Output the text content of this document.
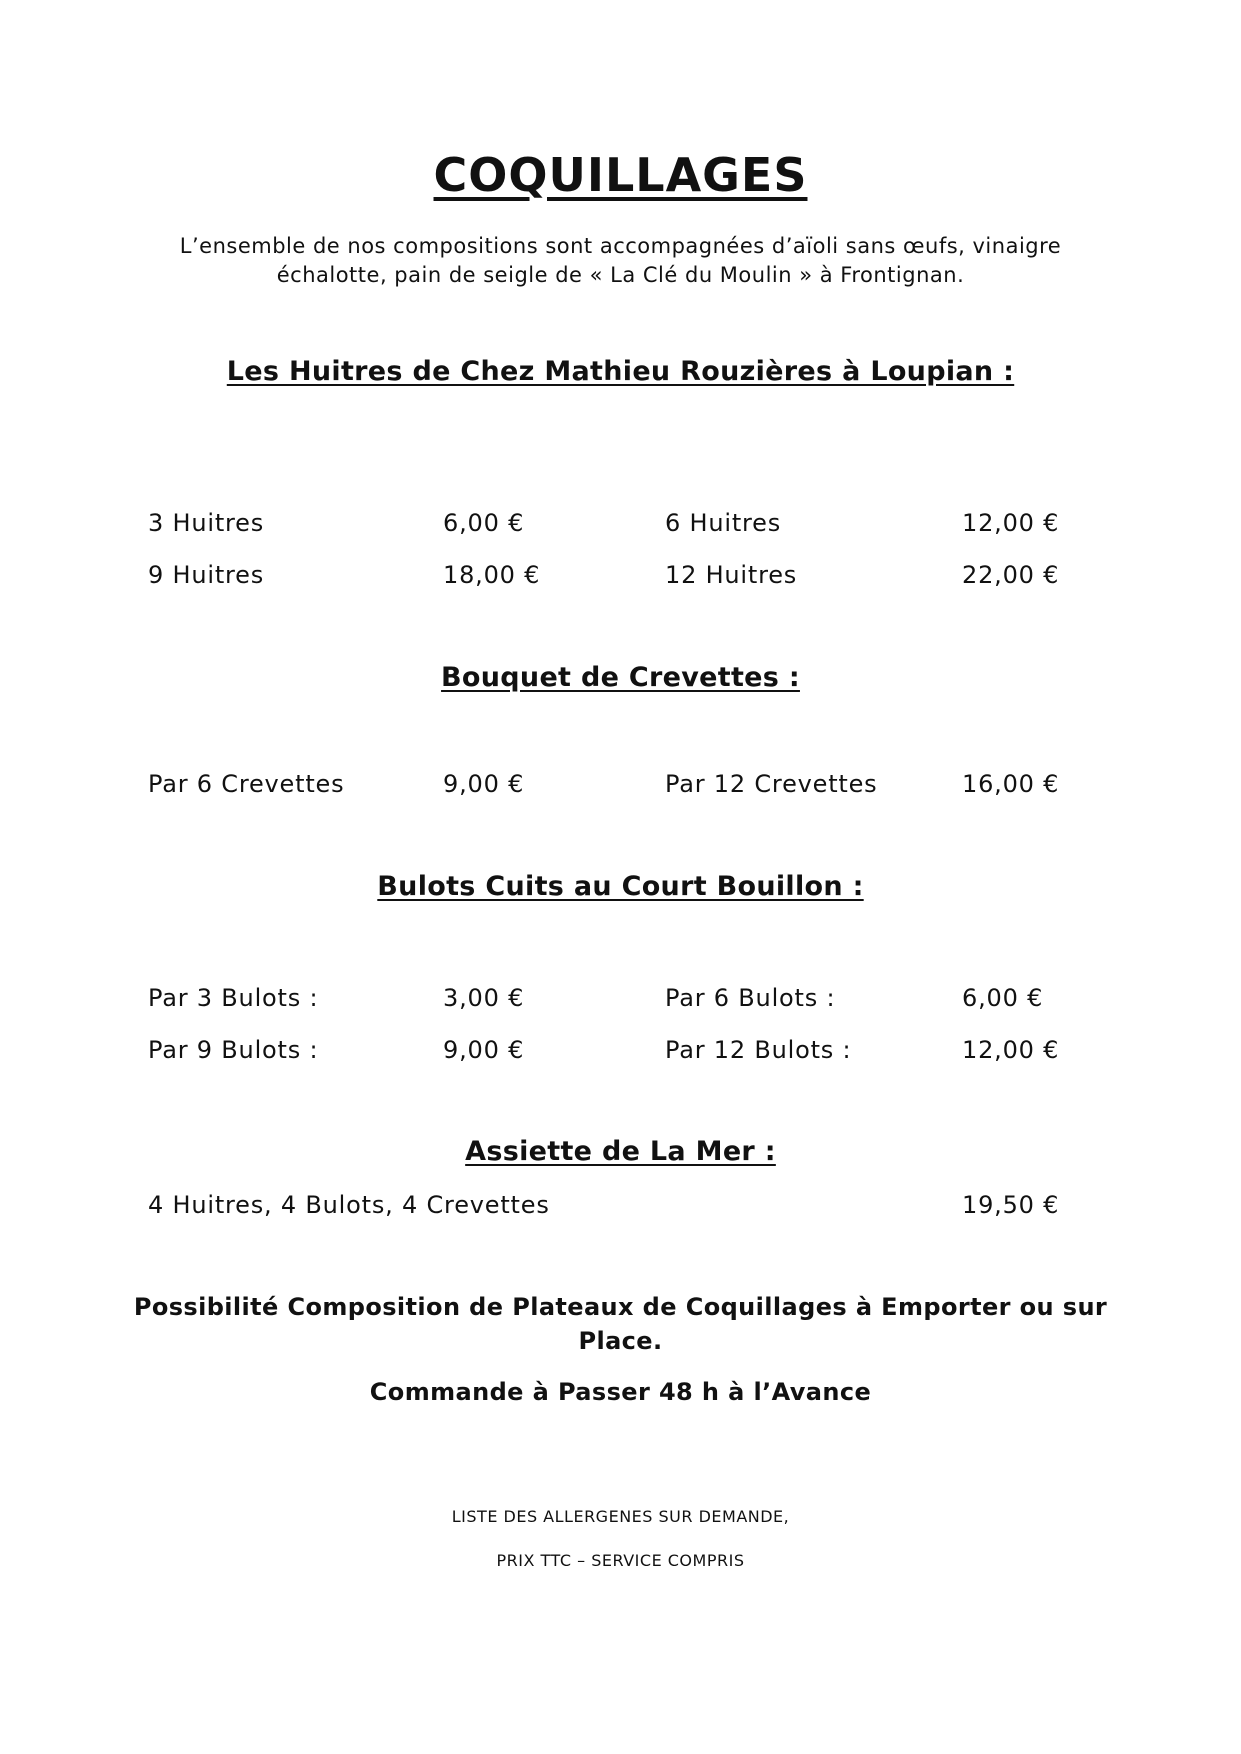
COQUILLAGES
L’ensemble de nos compositions sont accompagnées d’aïoli sans œufs, vinaigre
échalotte, pain de seigle de « La Clé du Moulin » à Frontignan.
Les Huitres de Chez Mathieu Rouzières à Loupian :
3 Huitres	6,00 €	6 Huitres	12,00 €
9 Huitres	18,00 €	12 Huitres	22,00 €
Bouquet de Crevettes :
Par 6 Crevettes	9,00 €	Par 12 Crevettes	16,00 €
Bulots Cuits au Court Bouillon :
Par 3 Bulots :	3,00 €	Par 6 Bulots :	6,00 €
Par 9 Bulots :	9,00 €	Par 12 Bulots :	12,00 €
Assiette de La Mer :
4 Huitres, 4 Bulots, 4 Crevettes	19,50 €
Possibilité Composition de Plateaux de Coquillages à Emporter ou sur
Place.
Commande à Passer 48 h à l’Avance
LISTE DES ALLERGENES SUR DEMANDE,
PRIX TTC – SERVICE COMPRIS
